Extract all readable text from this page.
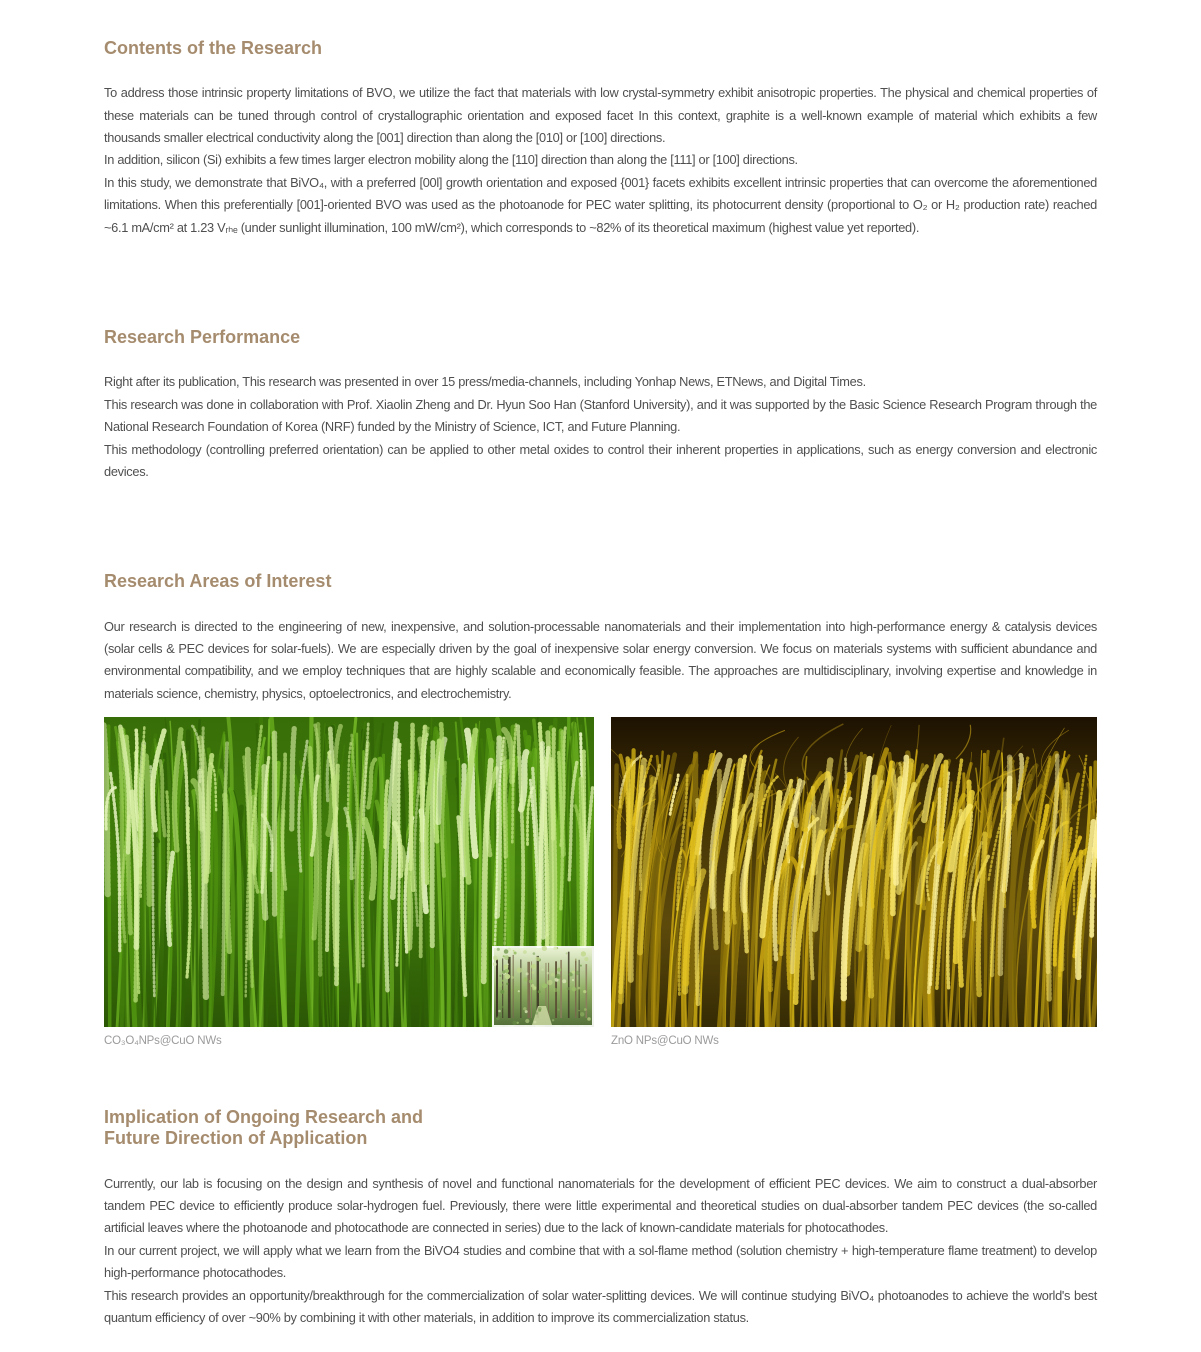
Contents of the Research

To address those intrinsic property limitations of BVO, we utilize the fact that materials with low crystal-symmetry exhibit anisotropic properties. The physical and chemical properties of these materials can be tuned through control of crystallographic orientation and exposed facet In this context, graphite is a well-known example of material which exhibits a few thousands smaller electrical conductivity along the [001] direction than along the [010] or [100] directions.

In addition, silicon (Si) exhibits a few times larger electron mobility along the [110] direction than along the [111] or [100] directions.

In this study, we demonstrate that BiVO₄, with a preferred [00l] growth orientation and exposed {001} facets exhibits excellent intrinsic properties that can overcome the aforementioned limitations. When this preferentially [001]-oriented BVO was used as the photoanode for PEC water splitting, its photocurrent density (proportional to O₂ or H₂ production rate) reached ~6.1 mA/cm² at 1.23 Vᵣₕₑ (under sunlight illumination, 100 mW/cm²), which corresponds to ~82% of its theoretical maximum (highest value yet reported).

Research Performance

Right after its publication, This research was presented in over 15 press/media-channels, including Yonhap News, ETNews, and Digital Times.

This research was done in collaboration with Prof. Xiaolin Zheng and Dr. Hyun Soo Han (Stanford University), and it was supported by the Basic Science Research Program through the National Research Foundation of Korea (NRF) funded by the Ministry of Science, ICT, and Future Planning.

This methodology (controlling preferred orientation) can be applied to other metal oxides to control their inherent properties in applications, such as energy conversion and electronic devices.

Research Areas of Interest

Our research is directed to the engineering of new, inexpensive, and solution-processable nanomaterials and their implementation into high-performance energy & catalysis devices (solar cells & PEC devices for solar-fuels). We are especially driven by the goal of inexpensive solar energy conversion. We focus on materials systems with sufficient abundance and environmental compatibility, and we employ techniques that are highly scalable and economically feasible. The approaches are multidisciplinary, involving expertise and knowledge in materials science, chemistry, physics, optoelectronics, and electrochemistry.

CO₃O₄NPs@CuO NWs	ZnO NPs@CuO NWs
Implication of Ongoing Research and
Future Direction of Application

Currently, our lab is focusing on the design and synthesis of novel and functional nanomaterials for the development of efficient PEC devices. We aim to construct a dual-absorber tandem PEC device to efficiently produce solar-hydrogen fuel. Previously, there were little experimental and theoretical studies on dual-absorber tandem PEC devices (the so-called artificial leaves where the photoanode and photocathode are connected in series) due to the lack of known-candidate materials for photocathodes.

In our current project, we will apply what we learn from the BiVO4 studies and combine that with a sol-flame method (solution chemistry + high-temperature flame treatment) to develop high-performance photocathodes.

This research provides an opportunity/breakthrough for the commercialization of solar water-splitting devices. We will continue studying BiVO₄ photoanodes to achieve the world's best quantum efficiency of over ~90% by combining it with other materials, in addition to improve its commercialization status.
